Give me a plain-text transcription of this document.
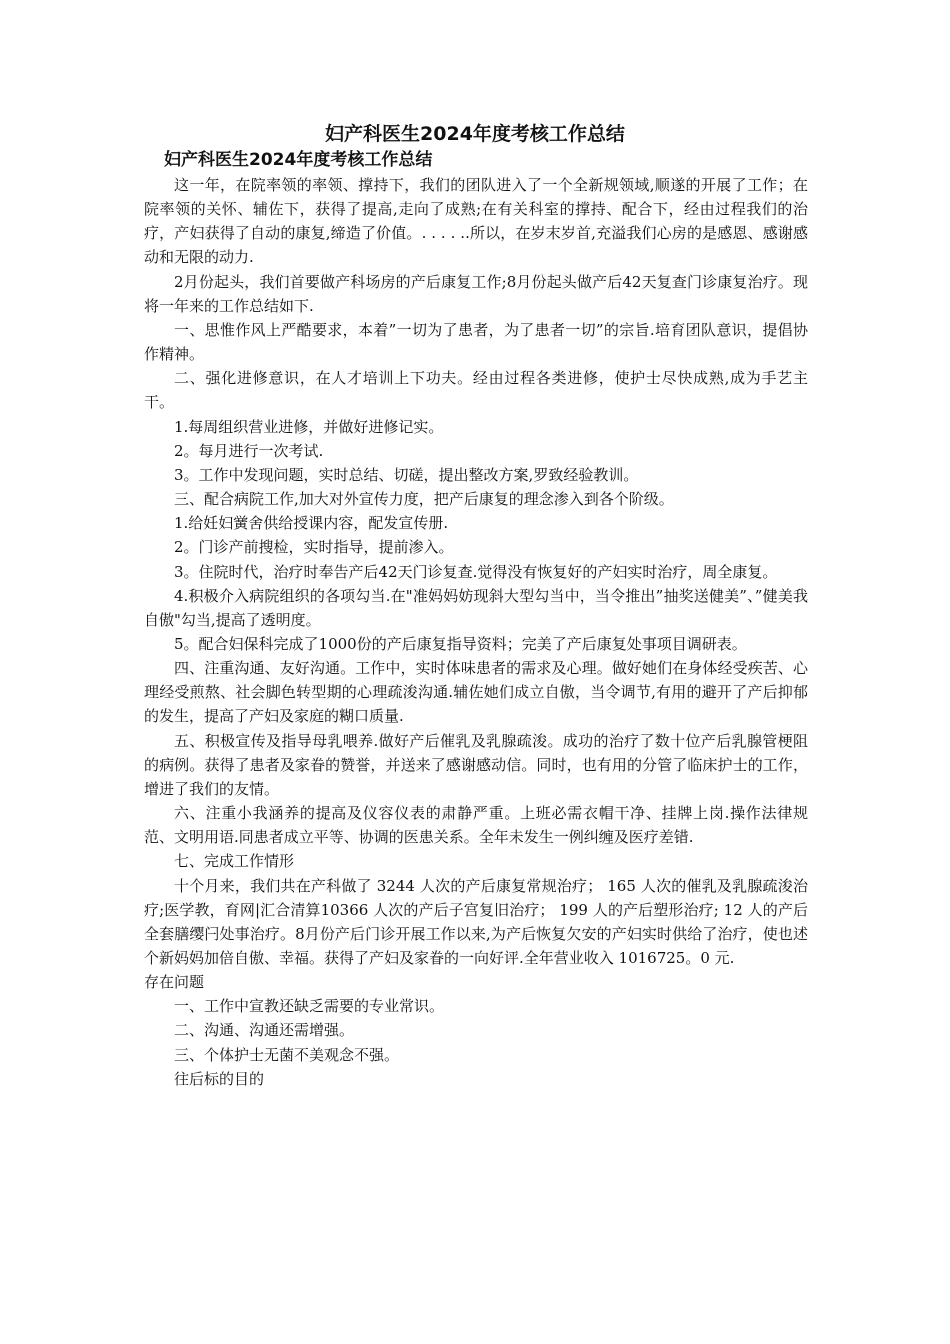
妇产科医生2024年度考核工作总结
妇产科医生2024年度考核工作总结

这一年，在院率领的率领、撑持下，我们的团队进入了一个全新规领域,顺遂的开展了工作；在院率领的关怀、辅佐下，获得了提高,走向了成熟;在有关科室的撑持、配合下，经由过程我们的治疗，产妇获得了自动的康复,缔造了价值。. . . . ..所以，在岁末岁首,充溢我们心房的是感恩、感谢感动和无限的动力.

2月份起头，我们首要做产科场房的产后康复工作;8月份起头做产后42天复查门诊康复治疗。现将一年来的工作总结如下.

一、思惟作风上严酷要求，本着”一切为了患者，为了患者一切”的宗旨.培育团队意识，提倡协作精神。

二、强化进修意识，在人才培训上下功夫。经由过程各类进修，使护士尽快成熟,成为手艺主干。

1.每周组织营业进修，并做好进修记实。

2。每月进行一次考试.

3。工作中发现问题，实时总结、切磋，提出整改方案,罗致经验教训。

三、配合病院工作,加大对外宣传力度，把产后康复的理念渗入到各个阶级。

1.给妊妇黉舍供给授课内容，配发宣传册.

2。门诊产前搜检，实时指导，提前渗入。

3。住院时代，治疗时奉告产后42天门诊复查.觉得没有恢复好的产妇实时治疗，周全康复。

4.积极介入病院组织的各项勾当.在"准妈妈妨现斜大型勾当中，当令推出”抽奖送健美”、”健美我自傲"勾当,提高了透明度。

5。配合妇保科完成了1000份的产后康复指导资料；完美了产后康复处事项目调研表。

四、注重沟通、友好沟通。工作中，实时体味患者的需求及心理。做好她们在身体经受疾苦、心理经受煎熬、社会脚色转型期的心理疏浚沟通.辅佐她们成立自傲，当令调节,有用的避开了产后抑郁的发生，提高了产妇及家庭的糊口质量.

五、积极宣传及指导母乳喂养.做好产后催乳及乳腺疏浚。成功的治疗了数十位产后乳腺管梗阻的病例。获得了患者及家眷的赞誉，并送来了感谢感动信。同时，也有用的分管了临床护士的工作，增进了我们的友情。

六、注重小我涵养的提高及仪容仪表的肃静严重。上班必需衣帽干净、挂牌上岗.操作法律规范、文明用语.同患者成立平等、协调的医患关系。全年未发生一例纠缠及医疗差错.

七、完成工作情形

十个月来，我们共在产科做了 3244 人次的产后康复常规治疗； 165 人次的催乳及乳腺疏浚治疗;医学教，育网|汇合清算10366 人次的产后子宫复旧治疗； 199 人的产后塑形治疗; 12 人的产后全套膳缨闩处事治疗。8月份产后门诊开展工作以来,为产后恢复欠安的产妇实时供给了治疗，使也述个新妈妈加倍自傲、幸福。获得了产妇及家眷的一向好评.全年营业收入 1016725。0 元.

存在问题

一、工作中宣教还缺乏需要的专业常识。

二、沟通、沟通还需增强。

三、个体护士无菌不美观念不强。

往后标的目的
